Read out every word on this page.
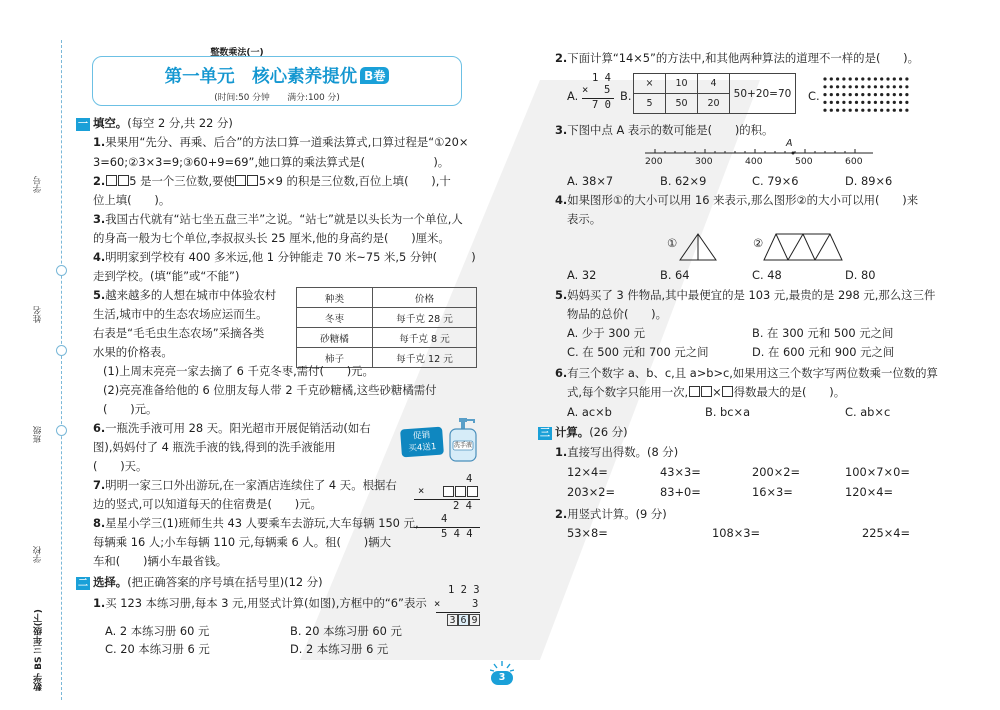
学号
姓名
班级
学校
数学 BS 三年级(下)
整数乘法(一)
第一单元　核心素养提优 B卷
(时间:50 分钟　　满分:100 分)
一 填空。(每空 2 分,共 22 分)
1.果果用“先分、再乘、后合”的方法口算一道乘法算式,口算过程是“①20×
3=60;②3×3=9;③60+9=69”,她口算的乘法算式是(　　　　　　)。
2. 5 是一个三位数,要使 5×9 的积是三位数,百位上填(　　),十
位上填(　　)。
3.我国古代就有“站七坐五盘三半”之说。“站七”就是以头长为一个单位,人
的身高一般为七个单位,李叔叔头长 25 厘米,他的身高约是(　　)厘米。
4.明明家到学校有 400 多米远,他 1 分钟能走 70 米~75 米,5 分钟(　　　)
走到学校。(填“能”或“不能”)
5.越来越多的人想在城市中体验农村
生活,城市中的生态农场应运而生。
右表是“毛毛虫生态农场”采摘各类
水果的价格表。
种类	价格
冬枣	每千克 28 元
砂糖橘	每千克 8 元
柿子	每千克 12 元
(1)上周末亮亮一家去摘了 6 千克冬枣,需付(　　)元。
(2)亮亮准备给他的 6 位朋友每人带 2 千克砂糖橘,这些砂糖橘需付
(　　)元。
6.一瓶洗手液可用 28 天。阳光超市开展促销活动(如右
图),妈妈付了 4 瓶洗手液的钱,得到的洗手液能用
(　　)天。
促销
买4送1	洗手液
7.明明一家三口外出游玩,在一家酒店连续住了 4 天。根据右
边的竖式,可以知道每天的住宿费是(　　)元。
4
×
2 4
4
5 4 4
8.星星小学三(1)班师生共 43 人要乘车去游玩,大车每辆 150 元,
每辆乘 16 人;小车每辆 110 元,每辆乘 6 人。租(　　)辆大
车和(　　)辆小车最省钱。
二 选择。(把正确答案的序号填在括号里)(12 分)
1.买 123 本练习册,每本 3 元,用竖式计算(如图),方框中的“6”表示
1 2 3
×	3
3 6 9
A. 2 本练习册 60 元	B. 20 本练习册 60 元
C. 20 本练习册 6 元	D. 2 本练习册 6 元
2.下面计算“14×5”的方法中,和其他两种算法的道理不一样的是(　　)。
A.
1 4
× 5
7 0
B.
×	10	4	50+20=70
5	50	20	
C.
3.下图中点 A 表示的数可能是(　　)的积。
A
200	300	400	500	600
A. 38×7	B. 62×9	C. 79×6	D. 89×6
4.如果图形①的大小可以用 16 来表示,那么图形②的大小可以用(　　)来
表示。
①	②
A. 32	B. 64	C. 48	D. 80
5.妈妈买了 3 件物品,其中最便宜的是 103 元,最贵的是 298 元,那么这三件
物品的总价(　　)。
A. 少于 300 元	B. 在 300 元和 500 元之间
C. 在 500 元和 700 元之间	D. 在 600 元和 900 元之间
6.有三个数字 a、b、c,且 a>b>c,如果用这三个数字写两位数乘一位数的算
式,每个数字只能用一次, × 得数最大的是(　　)。
A. ac×b	B. bc×a	C. ab×c
三 计算。(26 分)
1.直接写出得数。(8 分)
12×4=	43×3=	200×2=	100×7×0=
203×2=	83+0=	16×3=	120×4=
2.用竖式计算。(9 分)
53×8=	108×3=	225×4=
3
